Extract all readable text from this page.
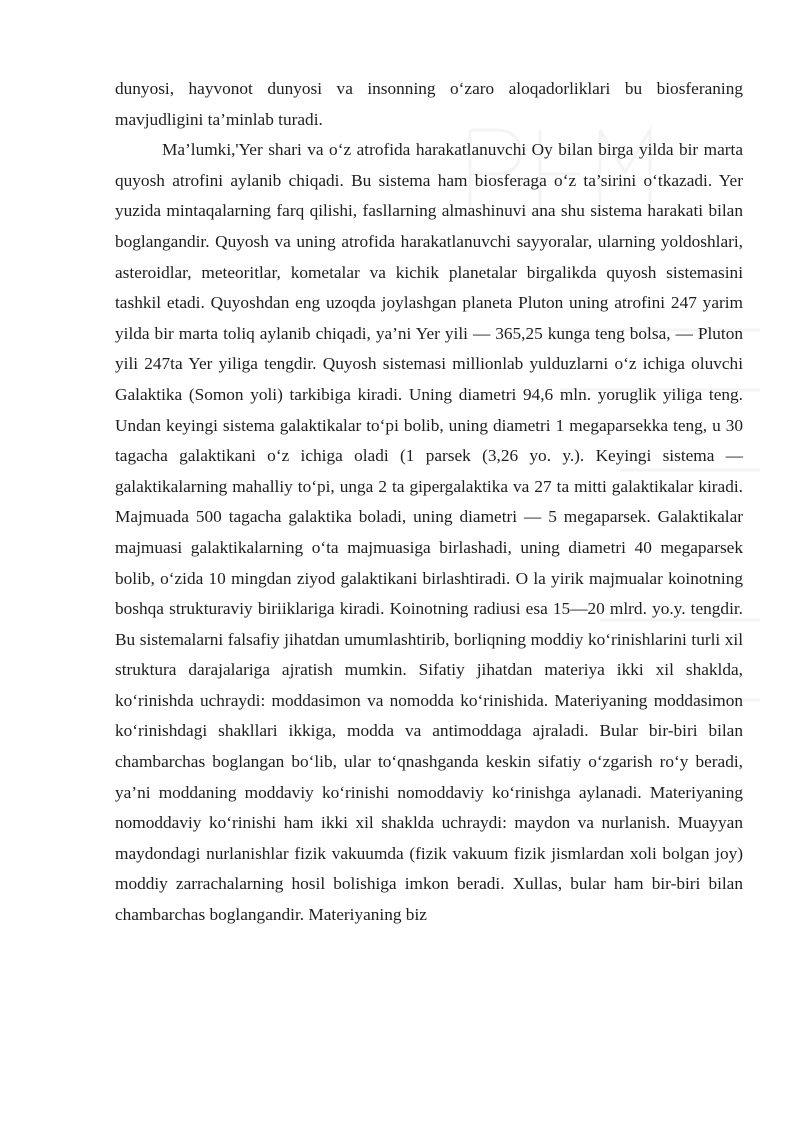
dunyosi, hayvonot dunyosi va insonning o‘zaro aloqadorliklari bu biosferaning mavjudligini ta’minlab turadi.

Ma’lumki,'Yer shari va o‘z atrofida harakatlanuvchi Oy bilan birga yilda bir marta quyosh atrofini aylanib chiqadi. Bu sistema ham biosferaga o‘z ta’sirini o‘tkazadi. Yer yuzida mintaqalarning farq qilishi, fasllarning almashinuvi ana shu sistema harakati bilan boglangandir. Quyosh va uning atrofida harakatlanuvchi sayyoralar, ularning yoldoshlari, asteroidlar, meteoritlar, kometalar va kichik planetalar birgalikda quyosh sistemasini tashkil etadi. Quyoshdan eng uzoqda joylashgan planeta Pluton uning atrofini 247 yarim yilda bir marta toliq aylanib chiqadi, ya’ni Yer yili — 365,25 kunga teng bolsa, — Pluton yili 247ta Yer yiliga tengdir. Quyosh sistemasi millionlab yulduzlarni o‘z ichiga oluvchi Galaktika (Somon yoli) tarkibiga kiradi. Uning diametri 94,6 mln. yoruglik yiliga teng. Undan keyingi sistema galaktikalar to‘pi bolib, uning diametri 1 megaparsekka teng, u 30 tagacha galaktikani o‘z ichiga oladi (1 parsek (3,26 yo. y.). Keyingi sistema — galaktikalarning mahalliy to‘pi, unga 2 ta gipergalaktika va 27 ta mitti galaktikalar kiradi. Majmuada 500 tagacha galaktika boladi, uning diametri — 5 megaparsek. Galaktikalar majmuasi galaktikalarning o‘ta majmuasiga birlashadi, uning diametri 40 megaparsek bolib, o‘zida 10 mingdan ziyod galaktikani birlashtiradi. O la yirik majmualar koinotning boshqa strukturaviy biriiklariga kiradi. Koinotning radiusi esa 15—20 mlrd. yo.y. tengdir. Bu sistemalarni falsafiy jihatdan umumlashtirib, borliqning moddiy ko‘rinishlarini turli xil struktura darajalariga ajratish mumkin. Sifatiy jihatdan materiya ikki xil shaklda, ko‘rinishda uchraydi: moddasimon va nomodda ko‘rinishida. Materiyaning moddasimon ko‘rinishdagi shakllari ikkiga, modda va antimoddaga ajraladi. Bular bir-biri bilan chambarchas boglangan bo‘lib, ular to‘qnashganda keskin sifatiy o‘zgarish ro‘y beradi, ya’ni moddaning moddaviy ko‘rinishi nomoddaviy ko‘rinishga aylanadi. Materiyaning nomoddaviy ko‘rinishi ham ikki xil shaklda uchraydi: maydon va nurlanish. Muayyan maydondagi nurlanishlar fizik vakuumda (fizik vakuum fizik jismlardan xoli bolgan joy) moddiy zarrachalarning hosil bolishiga imkon beradi. Xullas, bular ham bir-biri bilan chambarchas boglangandir. Materiyaning biz
